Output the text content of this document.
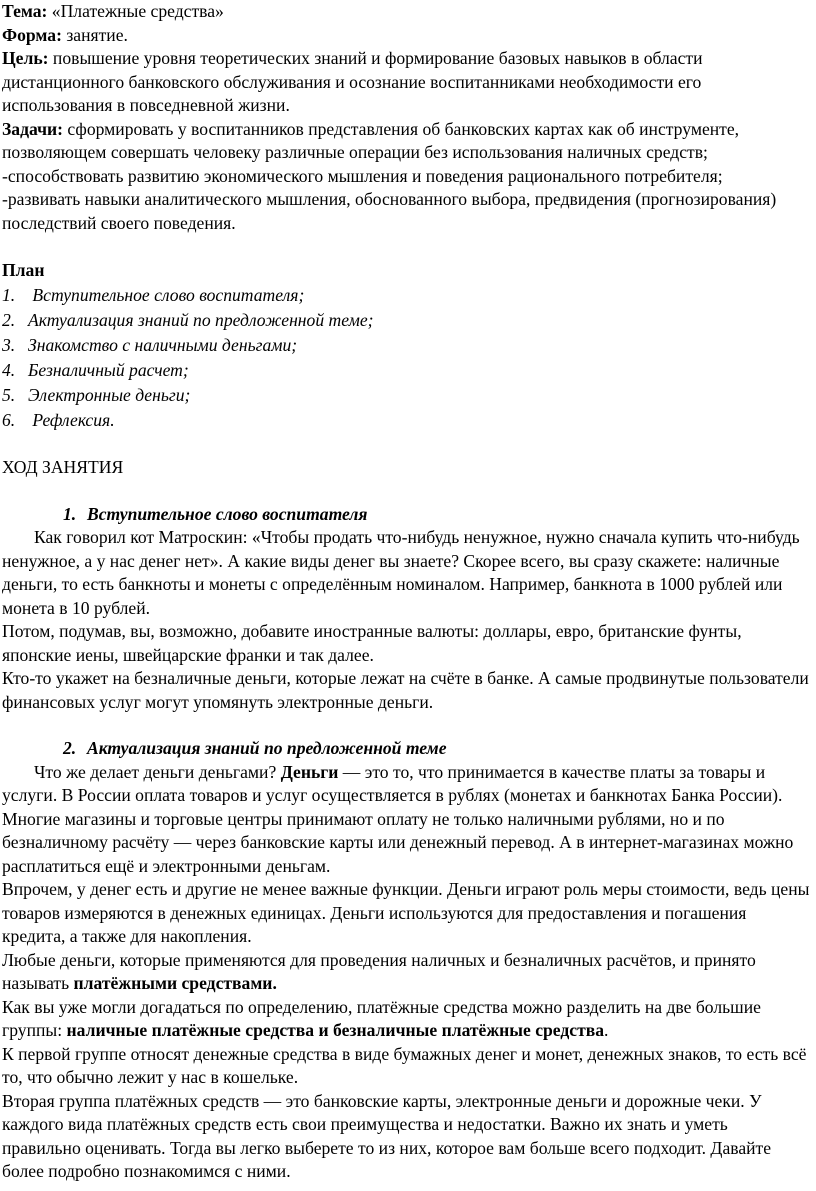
Тема: «Платежные средства»

Форма: занятие.

Цель: повышение уровня теоретических знаний и формирование базовых навыков в области дистанционного банковского обслуживания и осознание воспитанниками необходимости его использования в повседневной жизни.

Задачи: сформировать у воспитанников представления об банковских картах как об инструменте, позволяющем совершать человеку различные операции без использования наличных средств;

-способствовать развитию экономического мышления и поведения рационального потребителя;

-развивать навыки аналитического мышления, обоснованного выбора, предвидения (прогнозирования) последствий своего поведения.

План

1. Вступительное слово воспитателя;
2. Актуализация знаний по предложенной теме;
3. Знакомство с наличными деньгами;
4. Безналичный расчет;
5. Электронные деньги;
6. Рефлексия.

ХОД ЗАНЯТИЯ

1. Вступительное слово воспитателя

Как говорил кот Матроскин: «Чтобы продать что-нибудь ненужное, нужно сначала купить что-нибудь ненужное, а у нас денег нет». А какие виды денег вы знаете? Скорее всего, вы сразу скажете: наличные деньги, то есть банкноты и монеты с определённым номиналом. Например, банкнота в 1000 рублей или монета в 10 рублей.

Потом, подумав, вы, возможно, добавите иностранные валюты: доллары, евро, британские фунты, японские иены, швейцарские франки и так далее.

Кто-то укажет на безналичные деньги, которые лежат на счёте в банке. А самые продвинутые пользователи финансовых услуг могут упомянуть электронные деньги.

2. Актуализация знаний по предложенной теме

Что же делает деньги деньгами? Деньги — это то, что принимается в качестве платы за товары и услуги. В России оплата товаров и услуг осуществляется в рублях (монетах и банкнотах Банка России).

Многие магазины и торговые центры принимают оплату не только наличными рублями, но и по безналичному расчёту — через банковские карты или денежный перевод. А в интернет-магазинах можно расплатиться ещё и электронными деньгам.

Впрочем, у денег есть и другие не менее важные функции. Деньги играют роль меры стоимости, ведь цены товаров измеряются в денежных единицах. Деньги используются для предоставления и погашения кредита, а также для накопления.

Любые деньги, которые применяются для проведения наличных и безналичных расчётов, и принято называть платёжными средствами.

Как вы уже могли догадаться по определению, платёжные средства можно разделить на две большие группы: наличные платёжные средства и безналичные платёжные средства.

К первой группе относят денежные средства в виде бумажных денег и монет, денежных знаков, то есть всё то, что обычно лежит у нас в кошельке.

Вторая группа платёжных средств — это банковские карты, электронные деньги и дорожные чеки. У каждого вида платёжных средств есть свои преимущества и недостатки. Важно их знать и уметь правильно оценивать. Тогда вы легко выберете то из них, которое вам больше всего подходит. Давайте более подробно познакомимся с ними.
